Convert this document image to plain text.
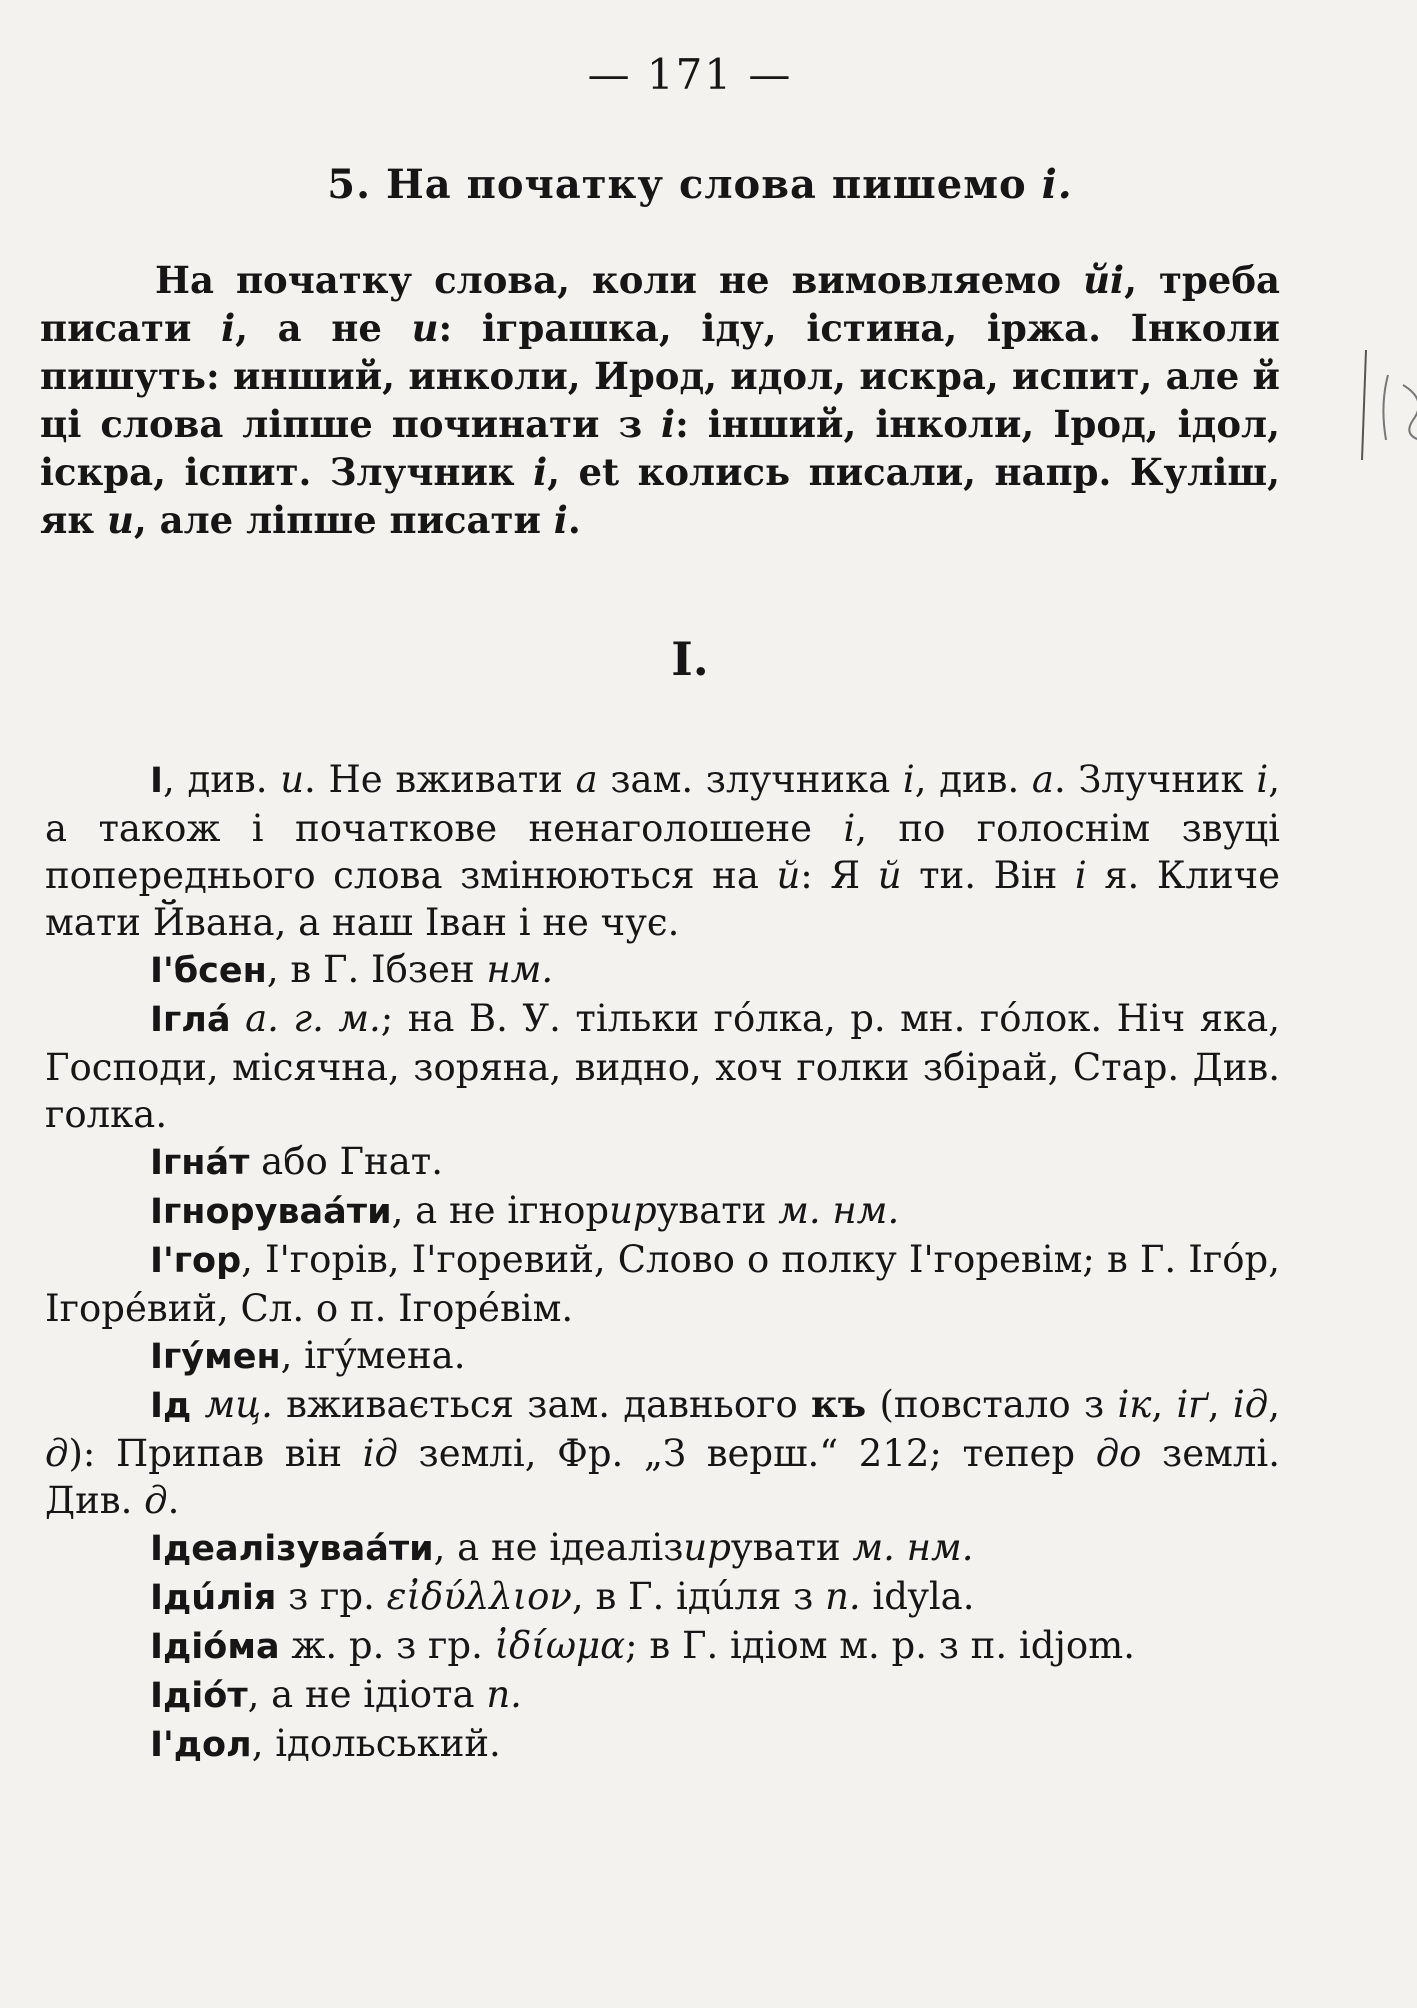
— 171 —
5. На початку слова пишемо і.

На початку слова, коли не вимовляемо йі, треба писати і, а не и: іграшка, іду, істина, іржа. Інколи пишуть: инший, инколи, Ирод, идол, искра, испит, але й ці слова ліпше починати з і: інший, інколи, Ірод, ідол, іскра, іспит. Злучник і, еt колись писали, напр. Куліш, як и, але ліпше писати і.

І.

І, див. и. Не вживати а зам. злучника і, див. а. Злучник і, а також і початкове ненаголошене і, по голоснім звуці попереднього слова змінюються на й: Я й ти. Він і я. Кличе мати Йвана, а наш Іван і не чує.

І'бсен, в Г. Ібзен нм.

Іглá а. г. м.; на В. У. тільки гóлка, р. мн. гóлок. Ніч яка, Господи, місячна, зоряна, видно, хоч голки збірай, Стар. Див. голка.

Ігнáт або Гнат.

Ігноруваáти, а не ігнорирувати м. нм.

І'гор, І'горів, І'горевий, Слово о полку І'горевім; в Г. Ігóр, Ігорéвий, Сл. о п. Ігорéвім.

Ігýмен, ігýмена.

Ід мц. вживається зам. давнього къ (повстало з ік, іґ, ід, д): Припав він ід землі, Фр. „З верш.“ 212; тепер до землі. Див. д.

Ідеалізуваáти, а не ідеалізирувати м. нм.

Ідúлія з гр. εἰδύλλιον, в Г. ідúля з п. idyla.

Ідіóма ж. р. з гр. ἰδίωμα; в Г. ідіом м. р. з п. idjom.

Ідіóт, а не ідіота п.

І'дол, ідольський.
